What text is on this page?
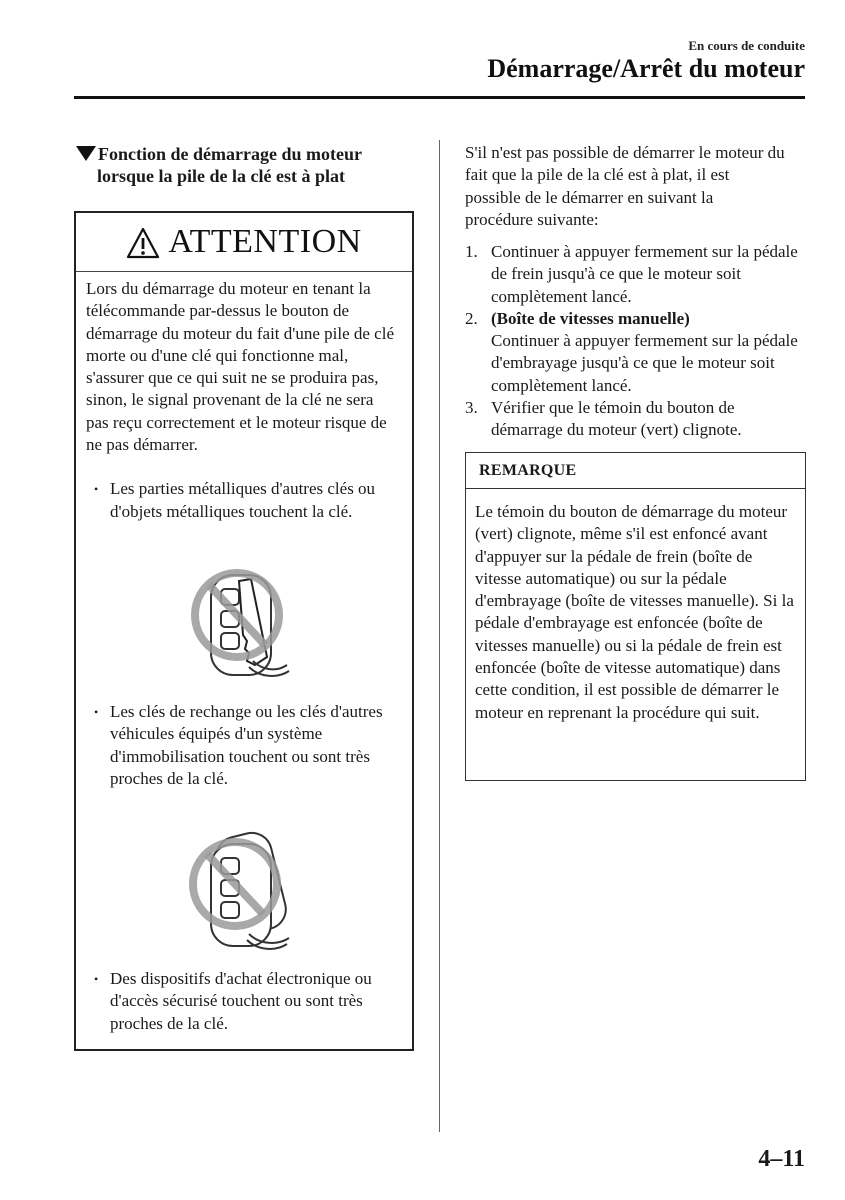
En cours de conduite
Démarrage/Arrêt du moteur
Fonction de démarrage du moteur
lorsque la pile de la clé est à plat
ATTENTION

Lors du démarrage du moteur en tenant la télécommande par-dessus le bouton de démarrage du moteur du fait d'une pile de clé morte ou d'une clé qui fonctionne mal, s'assurer que ce qui suit ne se produira pas, sinon, le signal provenant de la clé ne sera pas reçu correctement et le moteur risque de ne pas démarrer.

• Les parties métalliques d'autres clés ou d'objets métalliques touchent la clé.

• Les clés de rechange ou les clés d'autres véhicules équipés d'un système d'immobilisation touchent ou sont très proches de la clé.

• Des dispositifs d'achat électronique ou d'accès sécurisé touchent ou sont très proches de la clé.

S'il n'est pas possible de démarrer le moteur du fait que la pile de la clé est à plat, il est possible de le démarrer en suivant la procédure suivante:

1. Continuer à appuyer fermement sur la pédale de frein jusqu'à ce que le moteur soit complètement lancé.
2. (Boîte de vitesses manuelle)
Continuer à appuyer fermement sur la pédale d'embrayage jusqu'à ce que le moteur soit complètement lancé.
3. Vérifier que le témoin du bouton de démarrage du moteur (vert) clignote.
REMARQUE

Le témoin du bouton de démarrage du moteur (vert) clignote, même s'il est enfoncé avant d'appuyer sur la pédale de frein (boîte de vitesse automatique) ou sur la pédale d'embrayage (boîte de vitesses manuelle). Si la pédale d'embrayage est enfoncée (boîte de vitesses manuelle) ou si la pédale de frein est enfoncée (boîte de vitesse automatique) dans cette condition, il est possible de démarrer le moteur en reprenant la procédure qui suit.

4–11
